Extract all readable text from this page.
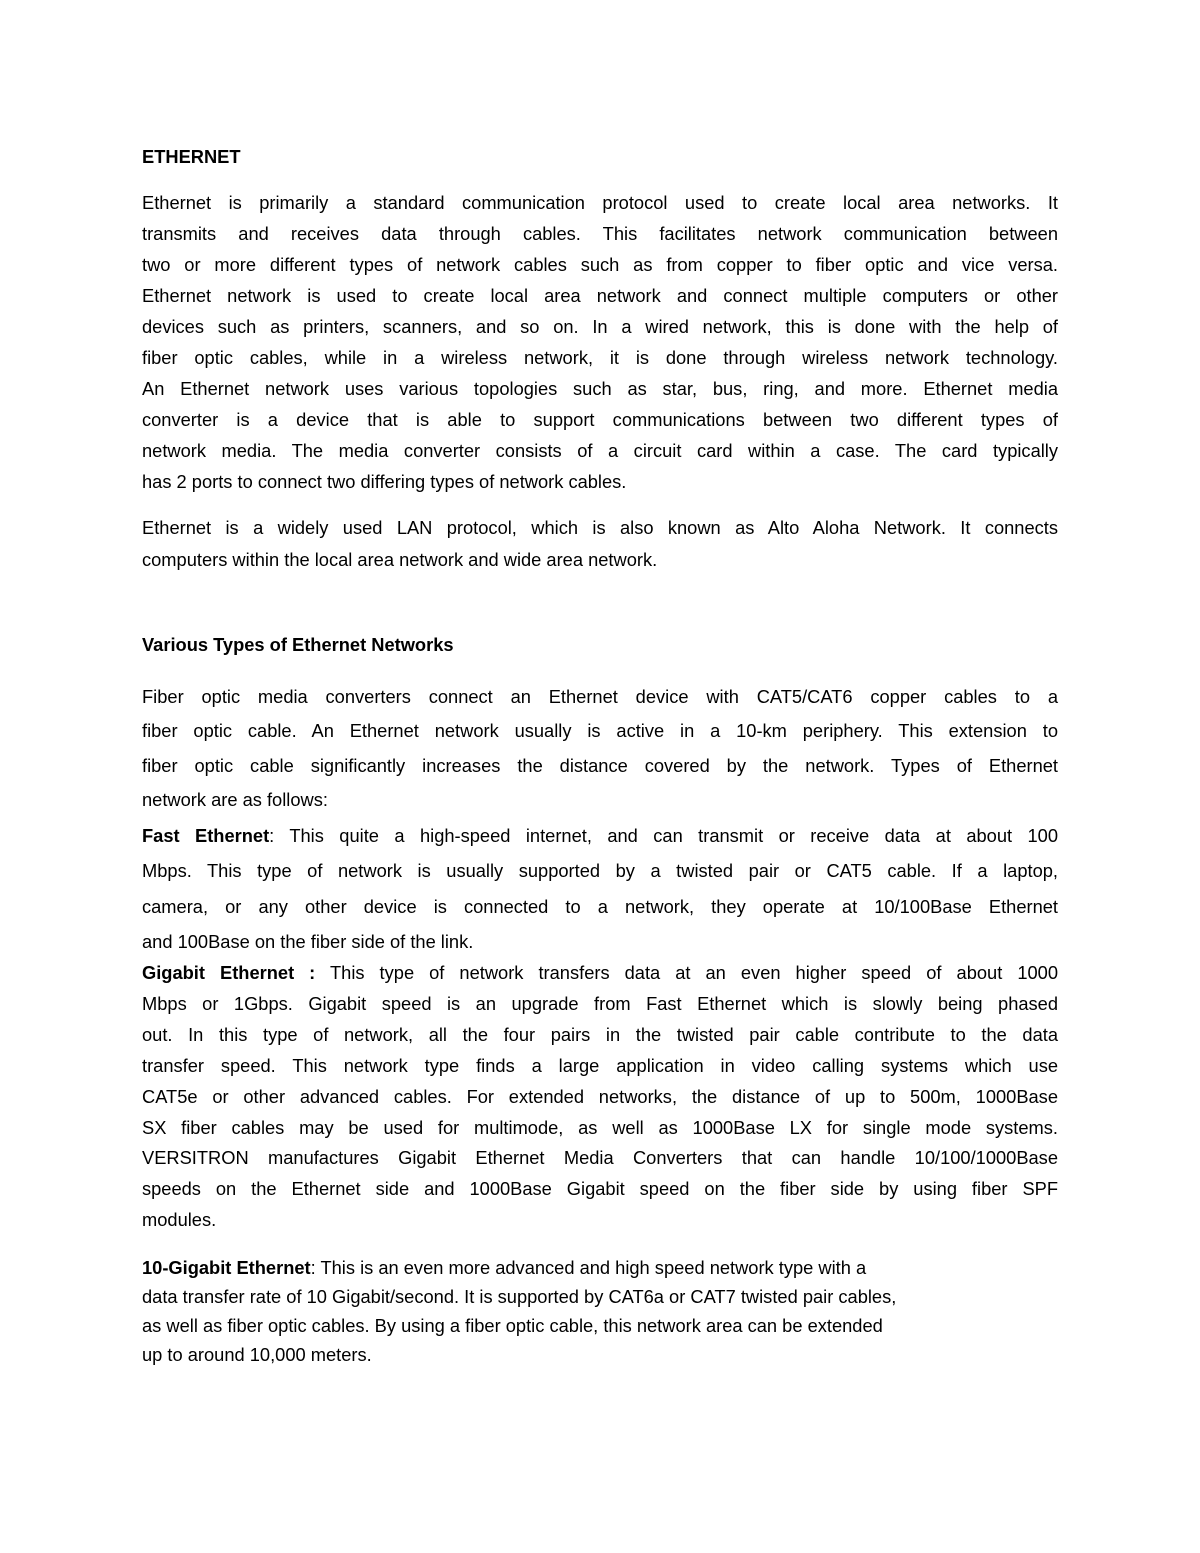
ETHERNET
Various Types of Ethernet Networks
Ethernet is primarily a standard communication protocol used to create local area networks. It
transmits and receives data through cables. This facilitates network communication between
two or more different types of network cables such as from copper to fiber optic and vice versa.
Ethernet network is used to create local area network and connect multiple computers or other
devices such as printers, scanners, and so on. In a wired network, this is done with the help of
fiber optic cables, while in a wireless network, it is done through wireless network technology.
An Ethernet network uses various topologies such as star, bus, ring, and more. Ethernet media
converter is a device that is able to support communications between two different types of
network media. The media converter consists of a circuit card within a case. The card typically
has 2 ports to connect two differing types of network cables.
Ethernet is a widely used LAN protocol, which is also known as Alto Aloha Network. It connects
computers within the local area network and wide area network.
Fiber optic media converters connect an Ethernet device with CAT5/CAT6 copper cables to a
fiber optic cable. An Ethernet network usually is active in a 10-km periphery. This extension to
fiber optic cable significantly increases the distance covered by the network. Types of Ethernet
network are as follows:
Fast Ethernet: This quite a high-speed internet, and can transmit or receive data at about 100
Mbps. This type of network is usually supported by a twisted pair or CAT5 cable. If a laptop,
camera, or any other device is connected to a network, they operate at 10/100Base Ethernet
and 100Base on the fiber side of the link.
Gigabit Ethernet : This type of network transfers data at an even higher speed of about 1000
Mbps or 1Gbps. Gigabit speed is an upgrade from Fast Ethernet which is slowly being phased
out. In this type of network, all the four pairs in the twisted pair cable contribute to the data
transfer speed. This network type finds a large application in video calling systems which use
CAT5e or other advanced cables. For extended networks, the distance of up to 500m, 1000Base
SX fiber cables may be used for multimode, as well as 1000Base LX for single mode systems.
VERSITRON manufactures Gigabit Ethernet Media Converters that can handle 10/100/1000Base
speeds on the Ethernet side and 1000Base Gigabit speed on the fiber side by using fiber SPF
modules.
10-Gigabit Ethernet: This is an even more advanced and high speed network type with a
data transfer rate of 10 Gigabit/second. It is supported by CAT6a or CAT7 twisted pair cables,
as well as fiber optic cables. By using a fiber optic cable, this network area can be extended
up to around 10,000 meters.
